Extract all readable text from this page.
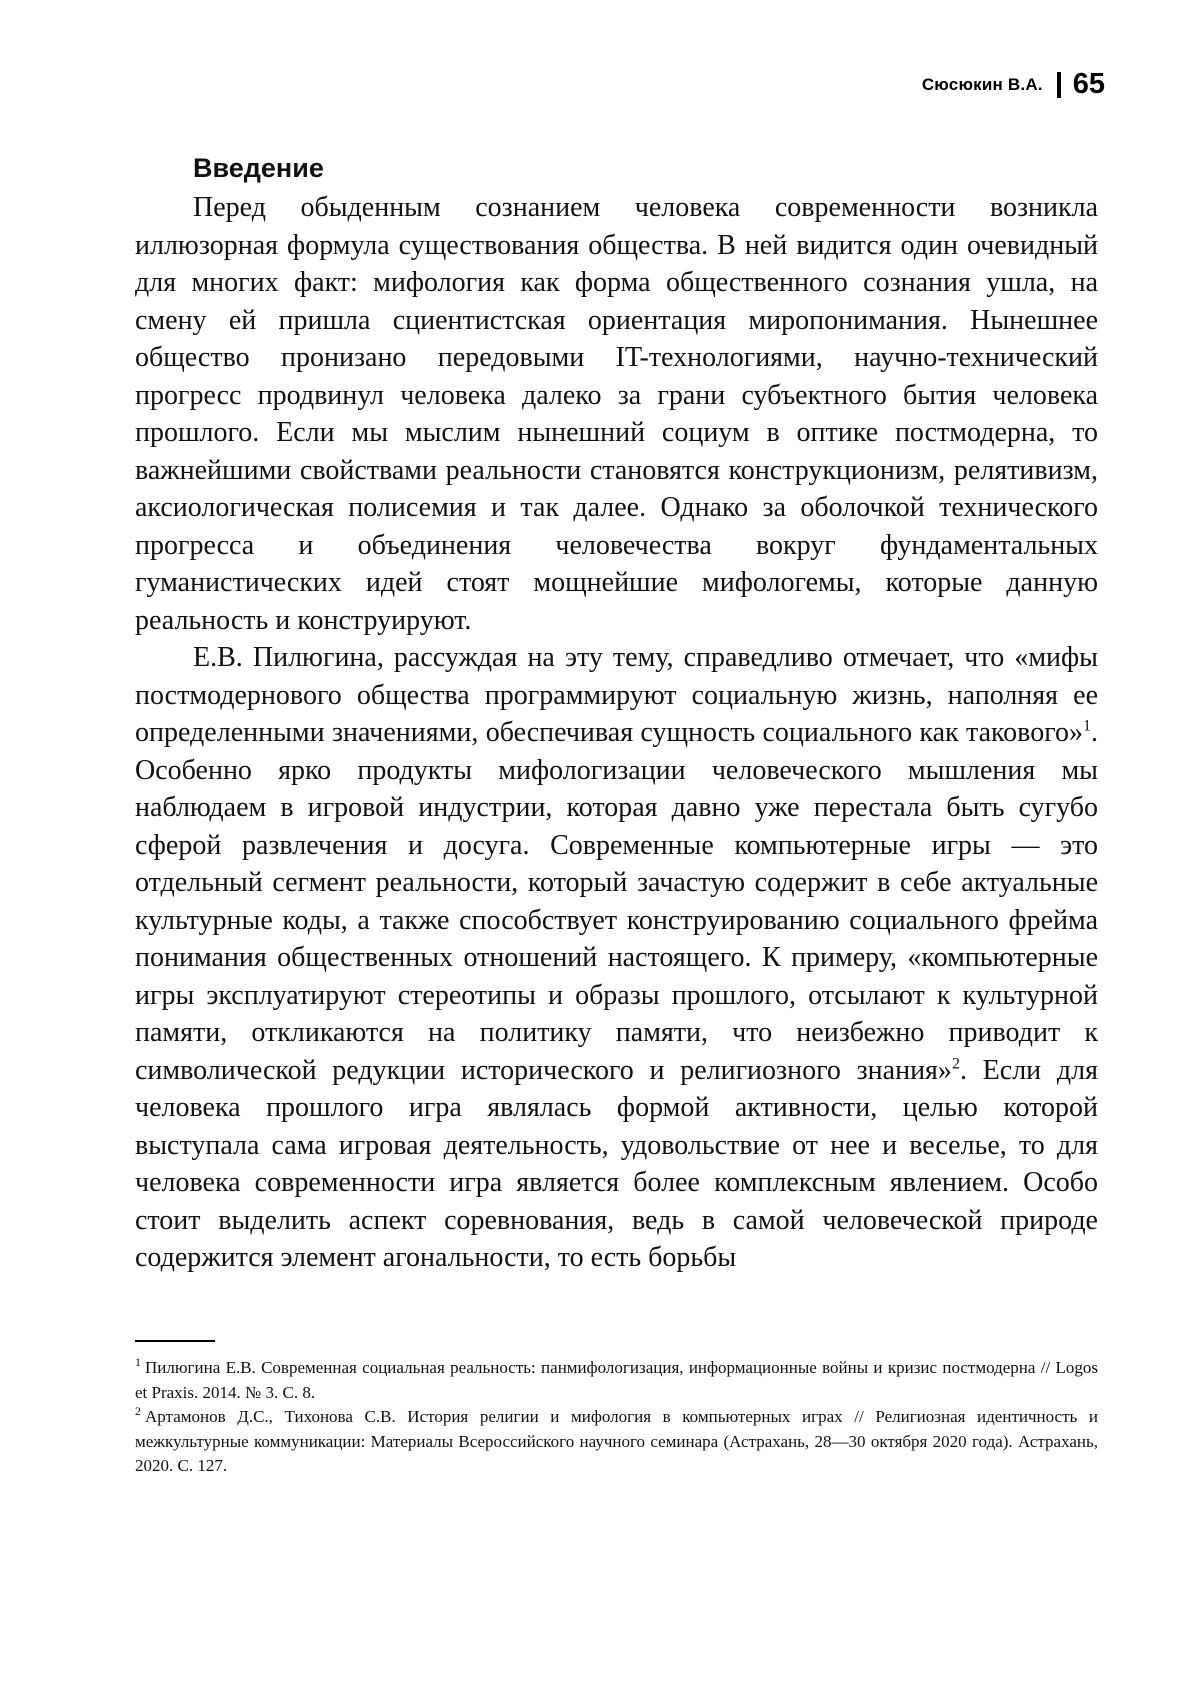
Сюсюкин В.А. 65
Введение

Перед обыденным сознанием человека современности возникла иллюзорная формула существования общества. В ней видится один очевидный для многих факт: мифология как форма общественного сознания ушла, на смену ей пришла сциентистская ориентация миропонимания. Нынешнее общество пронизано передовыми IT-технологиями, научно-технический прогресс продвинул человека далеко за грани субъектного бытия человека прошлого. Если мы мыслим нынешний социум в оптике постмодерна, то важнейшими свойствами реальности становятся конструкционизм, релятивизм, аксиологическая полисемия и так далее. Однако за оболочкой технического прогресса и объединения человечества вокруг фундаментальных гуманистических идей стоят мощнейшие мифологемы, которые данную реальность и конструируют.

Е.В. Пилюгина, рассуждая на эту тему, справедливо отмечает, что «мифы постмодернового общества программируют социальную жизнь, наполняя ее определенными значениями, обеспечивая сущность социального как такового»$^1$. Особенно ярко продукты мифологизации человеческого мышления мы наблюдаем в игровой индустрии, которая давно уже перестала быть сугубо сферой развлечения и досуга. Современные компьютерные игры — это отдельный сегмент реальности, который зачастую содержит в себе актуальные культурные коды, а также способствует конструированию социального фрейма понимания общественных отношений настоящего. К примеру, «компьютерные игры эксплуатируют стереотипы и образы прошлого, отсылают к культурной памяти, откликаются на политику памяти, что неизбежно приводит к символической редукции исторического и религиозного знания»$^2$. Если для человека прошлого игра являлась формой активности, целью которой выступала сама игровая деятельность, удовольствие от нее и веселье, то для человека современности игра является более комплексным явлением. Особо стоит выделить аспект соревнования, ведь в самой человеческой природе содержится элемент агональности, то есть борьбы

$^1$ Пилюгина Е.В. Современная социальная реальность: панмифологизация, информационные войны и кризис постмодерна // Logos et Praxis. 2014. № 3. С. 8.

$^2$ Артамонов Д.С., Тихонова С.В. История религии и мифология в компьютерных играх // Религиозная идентичность и межкультурные коммуникации: Материалы Всероссийского научного семинара (Астрахань, 28—30 октября 2020 года). Астрахань, 2020. С. 127.
